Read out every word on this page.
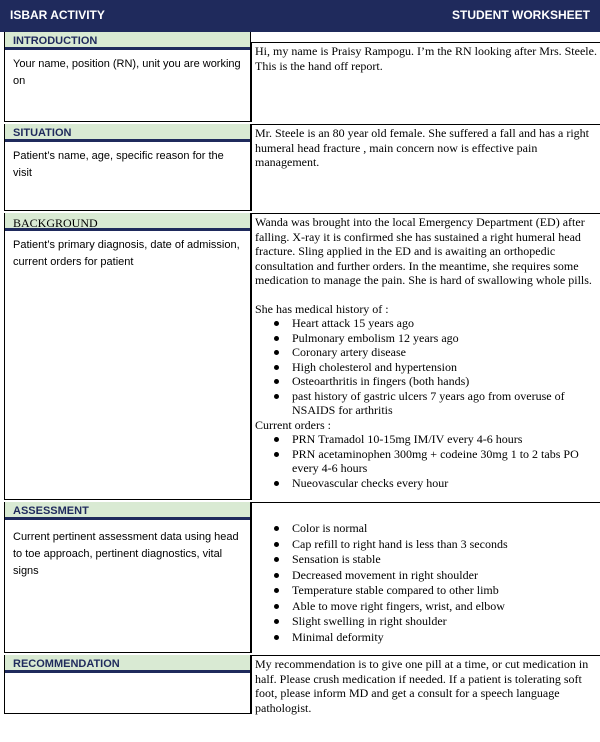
ISBAR ACTIVITY	STUDENT WORKSHEET
INTRODUCTION
Your name, position (RN), unit you are working on

Hi, my name is Praisy Rampogu. I’m the RN looking after Mrs. Steele. This is the hand off report.

SITUATION
Patient’s name, age, specific reason for the visit

Mr. Steele is an 80 year old female. She suffered a fall and has a right humeral head fracture , main concern now is effective pain management.

BACKGROUND
Patient’s primary diagnosis, date of admission, current orders for patient

Wanda was brought into the local Emergency Department (ED) after falling. X-ray it is confirmed she has sustained a right humeral head fracture. Sling applied in the ED and is awaiting an orthopedic consultation and further orders. In the meantime, she requires some medication to manage the pain. She is hard of swallowing whole pills.

She has medical history of :

Heart attack 15 years ago
Pulmonary embolism 12 years ago
Coronary artery disease
High cholesterol and hypertension
Osteoarthritis in fingers (both hands)
past history of gastric ulcers 7 years ago from overuse of NSAIDS for arthritis

Current orders :

PRN Tramadol 10-15mg IM/IV every 4-6 hours
PRN acetaminophen 300mg + codeine 30mg 1 to 2 tabs PO every 4-6 hours
Nueovascular checks every hour
ASSESSMENT
Current pertinent assessment data using head to toe approach, pertinent diagnostics, vital signs
Color is normal
Cap refill to right hand is less than 3 seconds
Sensation is stable
Decreased movement in right shoulder
Temperature stable compared to other limb
Able to move right fingers, wrist, and elbow
Slight swelling in right shoulder
Minimal deformity
RECOMMENDATION	My recommendation is to give one pill at a time, or cut medication in half. Please crush medication if needed. If a patient is tolerating soft foot, please inform MD and get a consult for a speech language pathologist.
